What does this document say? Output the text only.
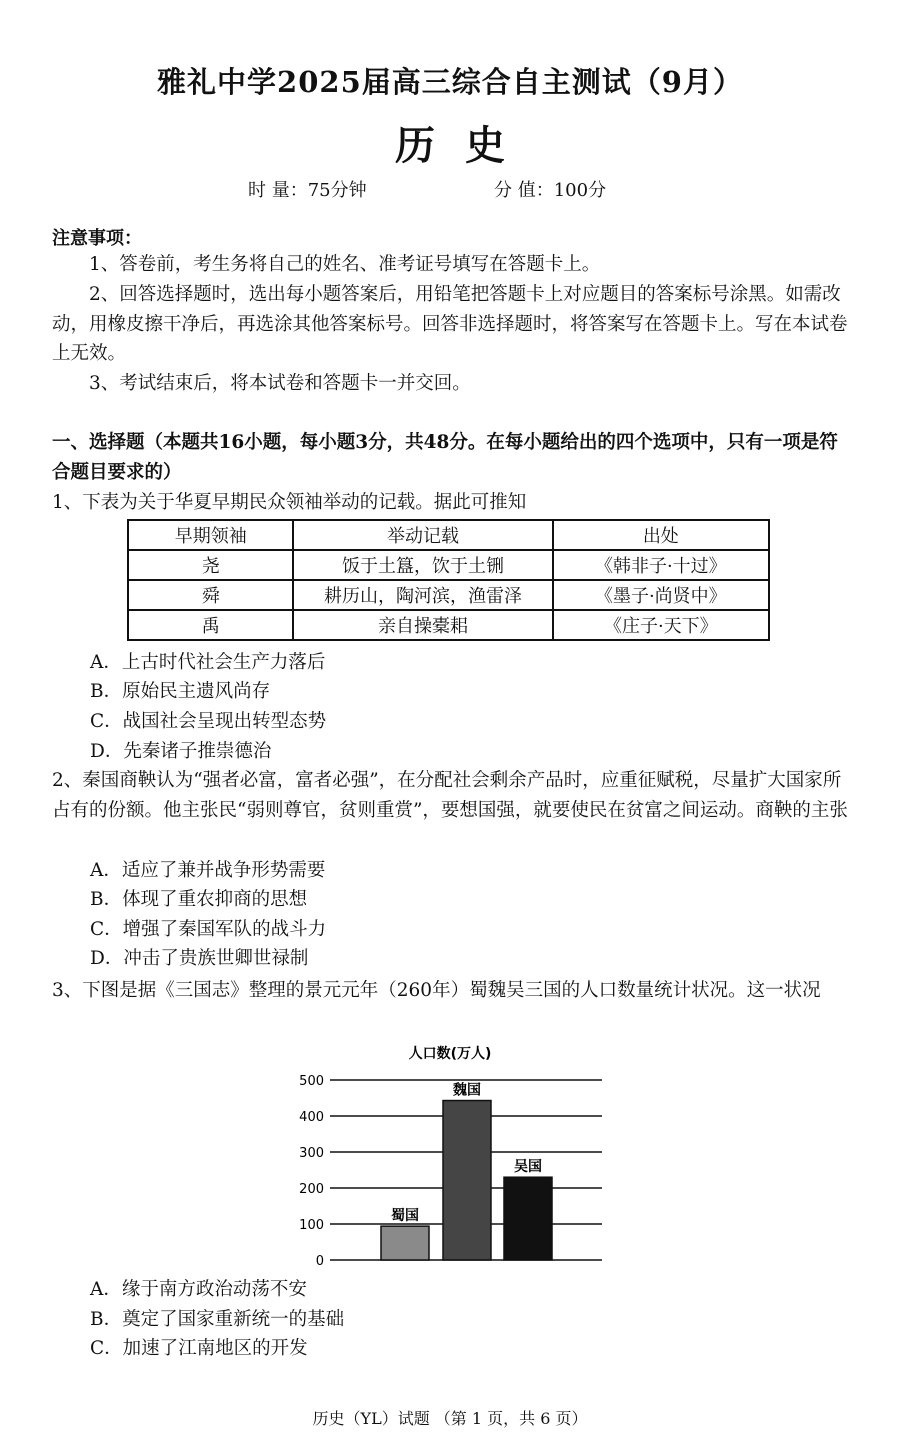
雅礼中学2025届高三综合自主测试（9月）
历史
时 量：75分钟	分 值：100分
注意事项：

1、答卷前，考生务将自己的姓名、准考证号填写在答题卡上。

2、回答选择题时，选出每小题答案后，用铅笔把答题卡上对应题目的答案标号涂黑。如需改动，用橡皮擦干净后，再选涂其他答案标号。回答非选择题时，将答案写在答题卡上。写在本试卷上无效。

3、考试结束后，将本试卷和答题卡一并交回。

一、选择题（本题共16小题，每小题3分，共48分。在每小题给出的四个选项中，只有一项是符合题目要求的）

1、下表为关于华夏早期民众领袖举动的记载。据此可推知

早期领袖	举动记载	出处
尧	饭于土簋，饮于土铏	《韩非子·十过》
舜	耕历山，陶河滨，渔雷泽	《墨子·尚贤中》
禹	亲自操橐耜	《庄子·天下》
A．上古时代社会生产力落后
B．原始民主遗风尚存
C．战国社会呈现出转型态势
D．先秦诸子推崇德治

2、秦国商鞅认为“强者必富，富者必强”，在分配社会剩余产品时，应重征赋税，尽量扩大国家所占有的份额。他主张民“弱则尊官，贫则重赏”，要想国强，就要使民在贫富之间运动。商鞅的主张

A．适应了兼并战争形势需要
B．体现了重农抑商的思想
C．增强了秦国军队的战斗力
D．冲击了贵族世卿世禄制

3、下图是据《三国志》整理的景元元年（260年）蜀魏吴三国的人口数量统计状况。这一状况

人口数(万人)
0
100
200
300
400
500
蜀国
魏国
吴国
A．缘于南方政治动荡不安
B．奠定了国家重新统一的基础
C．加速了江南地区的开发
历史（YL）试题 （第 1 页，共 6 页）
